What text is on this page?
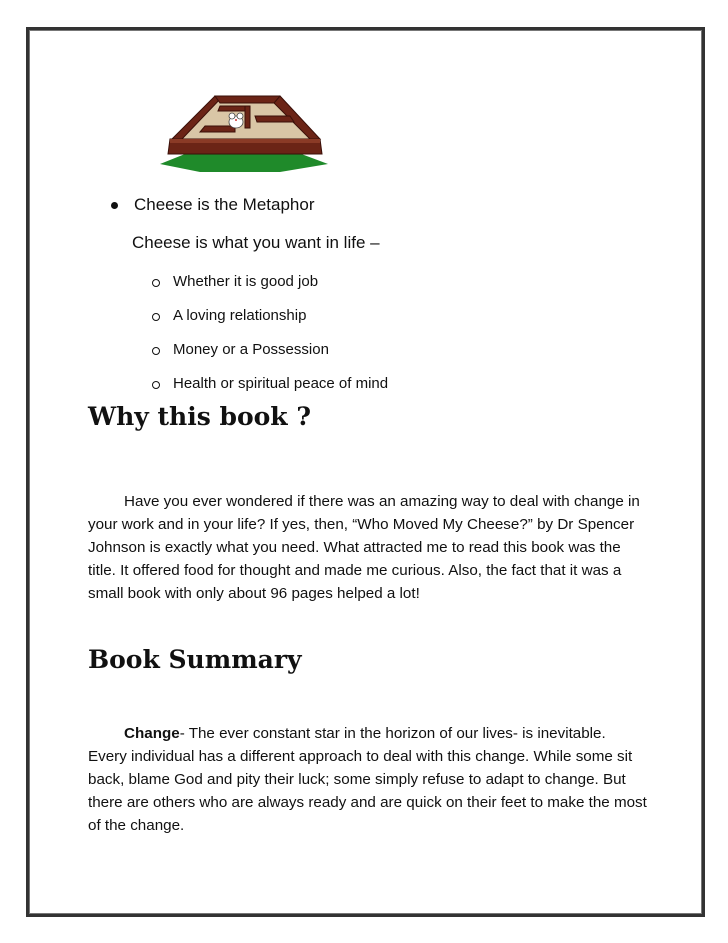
Cheese is the Metaphor
Cheese is what you want in life –
Whether it is good job
A loving relationship
Money or a Possession
Health or spiritual peace of mind
Why this book ?

Have you ever wondered if there was an amazing way to deal with change in your work and in your life? If yes, then, “Who Moved My Cheese?” by Dr Spencer Johnson is exactly what you need. What attracted me to read this book was the title. It offered food for thought and made me curious. Also, the fact that it was a small book with only about 96 pages helped a lot!

Book Summary

Change- The ever constant star in the horizon of our lives- is inevitable. Every individual has a different approach to deal with this change. While some sit back, blame God and pity their luck; some simply refuse to adapt to change. But there are others who are always ready and are quick on their feet to make the most of the change.
